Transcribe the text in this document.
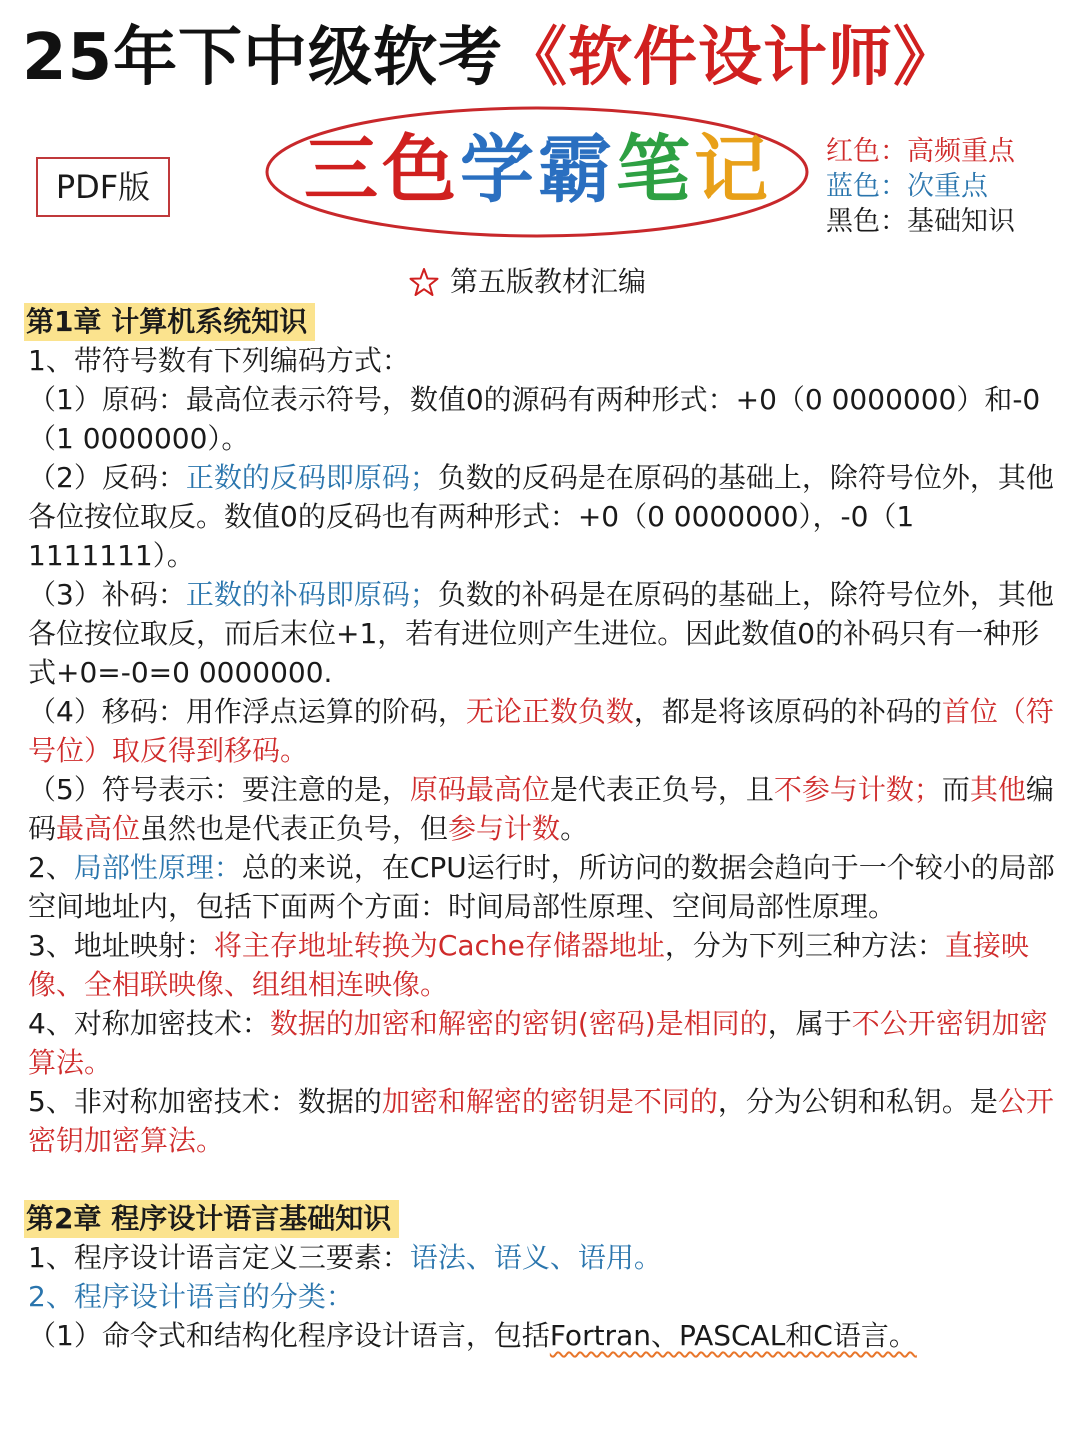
25年下中级软考《软件设计师》
PDF版	三色学霸笔记	红色：高频重点
蓝色：次重点
黑色：基础知识
第五版教材汇编
第1章 计算机系统知识

1、带符号数有下列编码方式：

（1）原码：最高位表示符号，数值0的源码有两种形式：+0（0 0000000）和-0（1 0000000）。

（2）反码：正数的反码即原码；负数的反码是在原码的基础上，除符号位外，其他各位按位取反。数值0的反码也有两种形式：+0（0 0000000），-0（1 1111111）。

（3）补码：正数的补码即原码；负数的补码是在原码的基础上，除符号位外，其他各位按位取反，而后末位+1，若有进位则产生进位。因此数值0的补码只有一种形式+0=-0=0 0000000.

（4）移码：用作浮点运算的阶码，无论正数负数，都是将该原码的补码的首位（符号位）取反得到移码。

（5）符号表示：要注意的是，原码最高位是代表正负号，且不参与计数；而其他编码最高位虽然也是代表正负号，但参与计数。

2、局部性原理：总的来说，在CPU运行时，所访问的数据会趋向于一个较小的局部空间地址内，包括下面两个方面：时间局部性原理、空间局部性原理。

3、地址映射：将主存地址转换为Cache存储器地址，分为下列三种方法：直接映像、全相联映像、组组相连映像。

4、对称加密技术：数据的加密和解密的密钥(密码)是相同的，属于不公开密钥加密算法。

5、非对称加密技术：数据的加密和解密的密钥是不同的，分为公钥和私钥。是公开密钥加密算法。

第2章 程序设计语言基础知识

1、程序设计语言定义三要素：语法、语义、语用。

2、程序设计语言的分类：

（1）命令式和结构化程序设计语言，包括Fortran、PASCAL和C语言。
